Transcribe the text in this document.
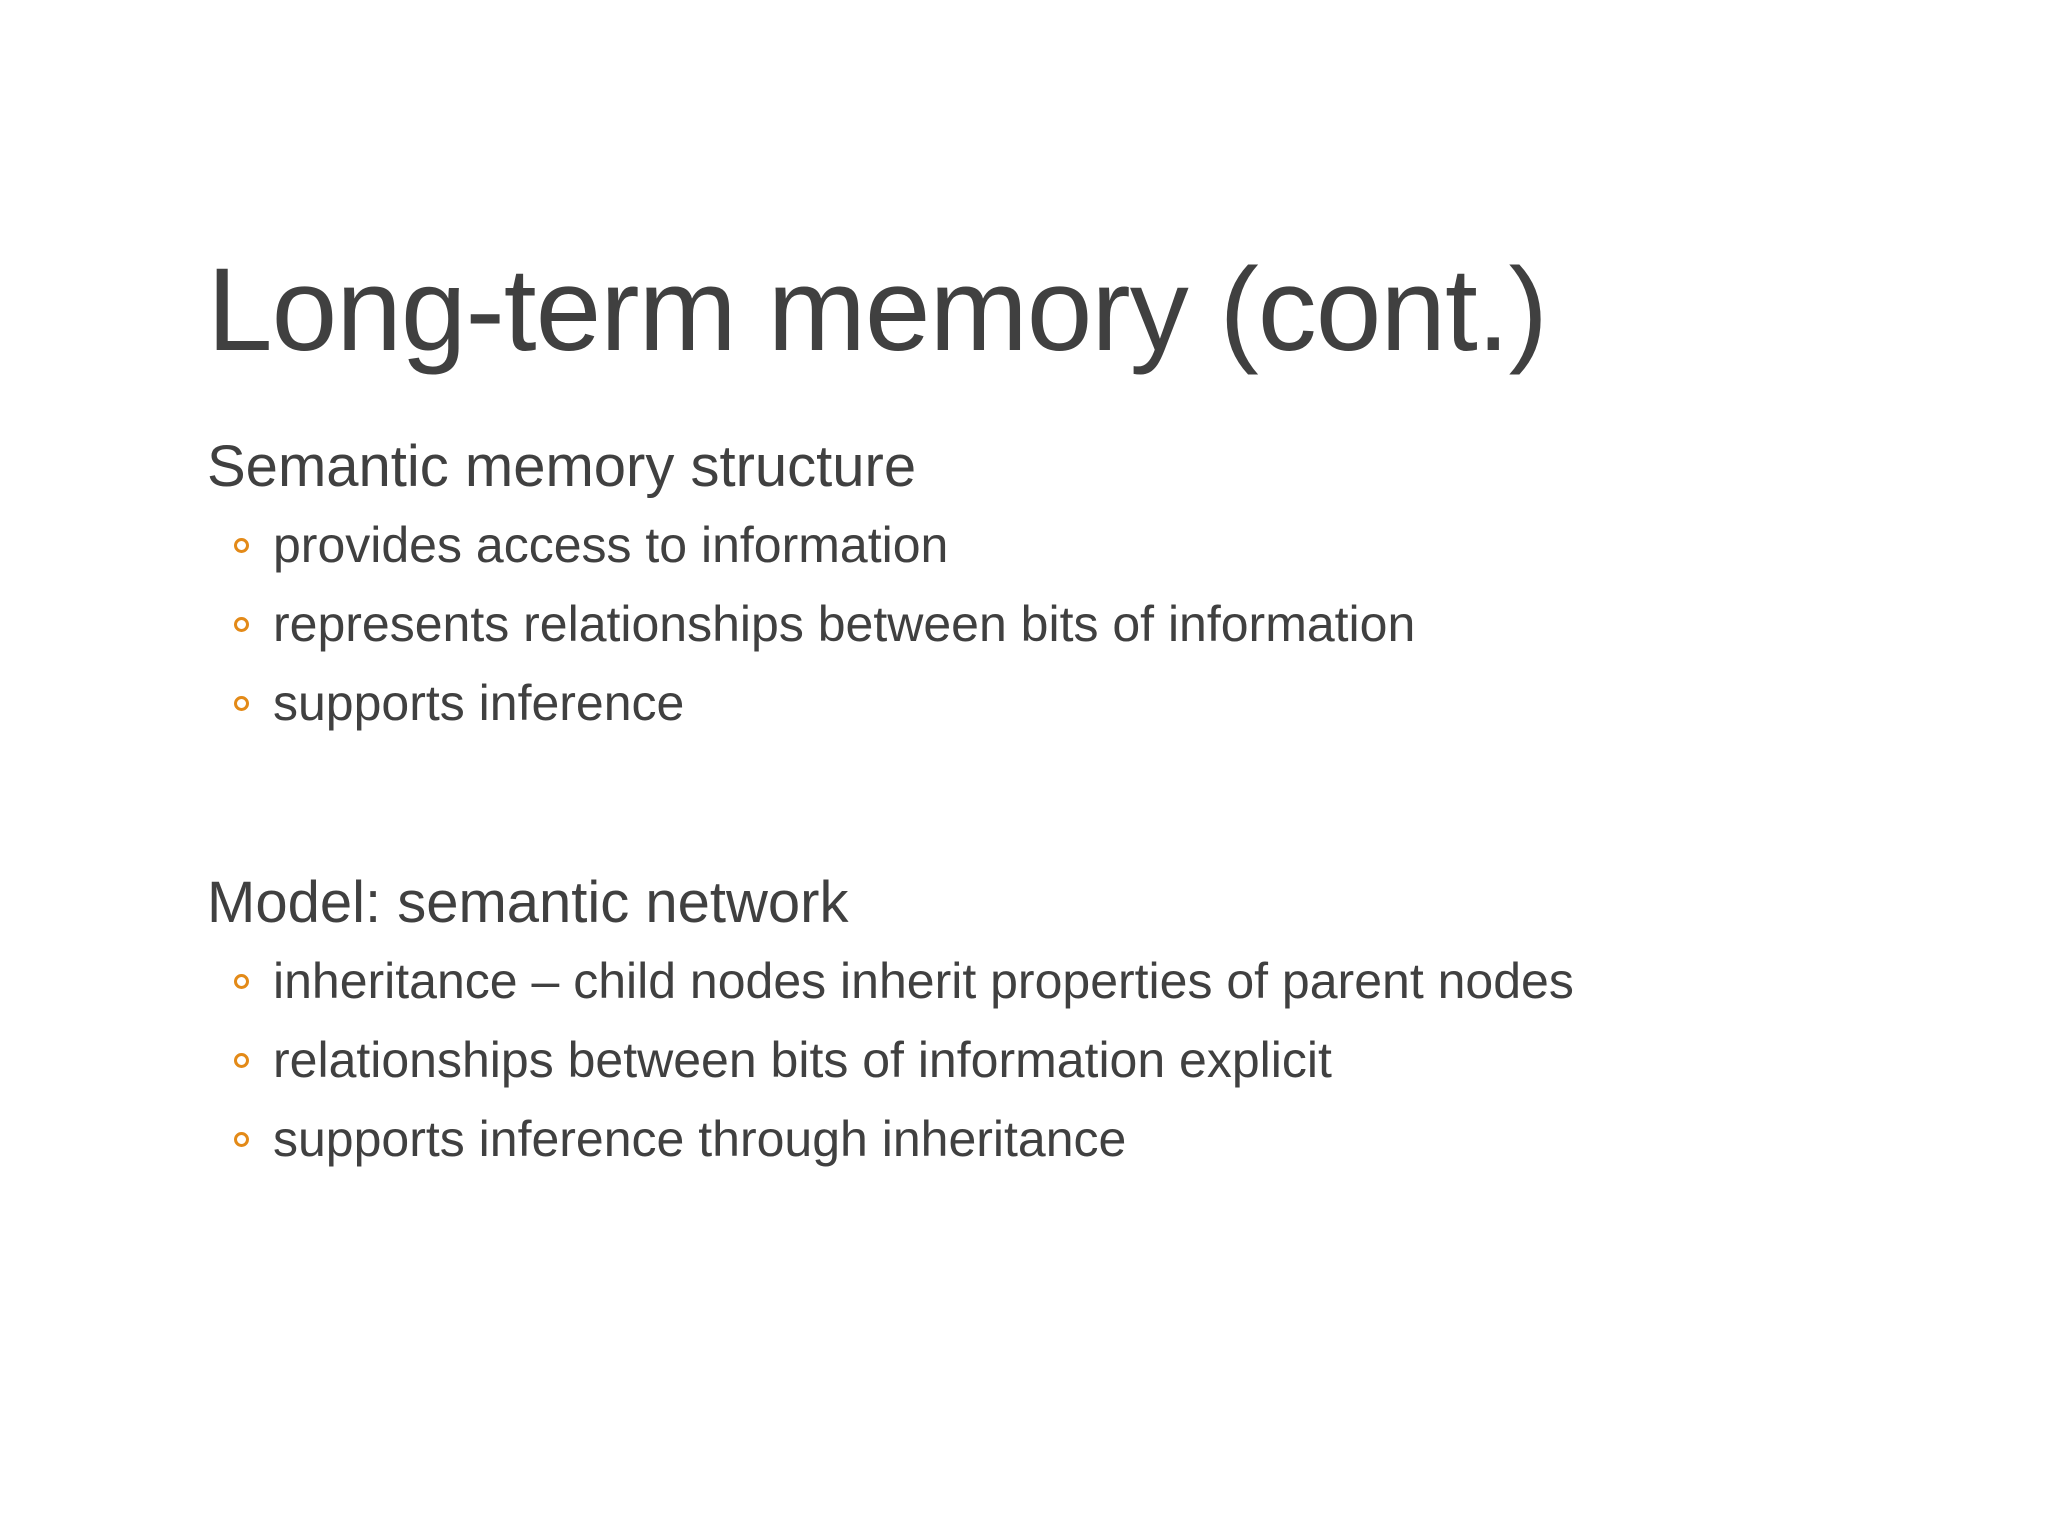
Long-term memory (cont.)
Semantic memory structure
provides access to information
represents relationships between bits of information
supports inference
Model: semantic network
inheritance – child nodes inherit properties of parent nodes
relationships between bits of information explicit
supports inference through inheritance
